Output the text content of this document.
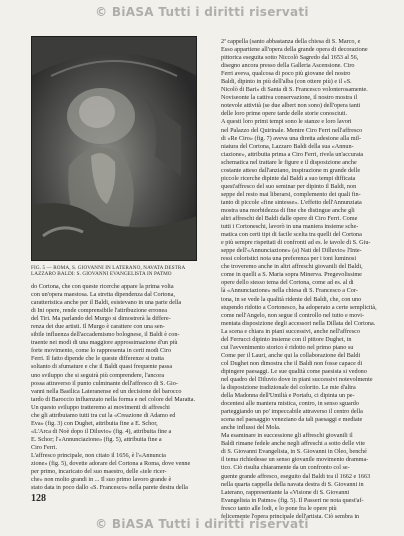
© BiASA Tutti i diritti riservati
FIG. 5 — ROMA, S. GIOVANNI IN LATERANO, NAVATA DESTRA
LAZZARO BALDI: S. GIOVANNI EVANGELISTA IN PATMO
2ª cappella (santo abbastanza della chiesa di S. Marco, e
Esso appartiene all'opera della grande opera di decorazione
pittorica eseguita sotto Niccolò Sagredo dal 1653 al 56,
disegno ancora presso della Galleria Ascensione. Ciro
Ferri aveva, qualcosa di poco più giovane del nostro
Baldi, dipinto in più dell'alba (con ottere più) e il «S.
Nicolò di Bari» di Santa di S. Francesco volonterosamente.
Noviseonte la cattiva conservazione, il nostro mostra il
notevole attività (se due albert non sono) dell'opera tanti
delle loro prime opere tarde delle storie conosciuti.
A questi loro primi tempi sono le stanze e loro lavori
nel Palazzo del Quirinale. Mentre Ciro Ferri nell'affresco
di «Re Ciro» (fig. 7) aveva una diretta adesione alla mil-
niatura del Cortona, Lazzaro Baldi della sua «Annun-
ciazione», attribuita prima a Ciro Ferri, rivela un'accurata
schematica nel trattare le figure e il disposizione anche
costante atteso dall'anziano, inspirazione m grande delle
piccole ricerche dipinte dal Baldi a suo tempi difficata
quest'affresco del suo seminar per dipinto il Baldi, non
seppe del resto mai liberarsi, complemento dei quali fin-
tanto di piccole «fine sintesse». L'effetto dell'Annunziata
mostra una morbidezza di fine che distingue anche gli
altri affreschi del Baldi dalle opere di Ciro Ferri. Come
tutti i Cortoneschi, lavorò in una maniera insieme sche-
matica con certi tipi di facile scelta tra quelli del Cortona
e più sempre rispettati di confronti ad es. le tavole di S. Giu-
seppe dell'«Annunciazione» (a) Nati del Dilluvio» l'Inte-
ressi coloristici nota una preferenza per i toni luminosi
che troveremo anche in altri affreschi giovanili del Baldi,
come in quelli a S. Maria sopra Minerva. Pregevolissime
opere dello stesso tema del Cortona, come ad es. al di
là «Annunciazione» nella chiesa di S. Francesco a Cor-
tona, in se vede la qualità ridente del Baldi, che, con uno
stupendo ridotto a Cortonesco, ha adoperato a certe semplicità,
come nell'Angelo, non segue il controllo nel tutto e movi-
mentata disposizione degli accessori nella Dillata del Cortona.
La scena e chiara in piani successivi, anche nell'affresco
del Ferrucci dipinto insieme con il pittore Dughet, in
cui l'avvenimento storico è ridotto nel primo piano su
Come per il Lauri, anche qui la collaborazione del Baldi
col Dughet non dimostra che il Baldi non fosse capace di
dipingere paesaggi. Le sue qualità come paesista si vedono
nel quadro del Diluvio dove in piani successivi notevolmente
la disposizione tradizionale del colorito. Le mie d'altra
della Madonna dell'Umiltà e Portafu, ci dipinta un pe-
docentesi alle maniera mistica, contro, in senso sguardo
parteggiando un po' impeccabile attraverso il centro della
scena nel paesaggio veneziano da tali paesaggi e mediate
anche influssi del Mola.
Ma esaminare in successione gli affreschi giovanili il
Baldi rimane fedele anche negli affreschi a sotto delle vite
di S. Giovanni Evangelista, in S. Giovanni in Oleo, benché
il tema richiedesse un senso giovanile movimento dramma-
tico. Ciò risulta chiaramente da un confronto col se-
guente grande affresco, eseguito dal Baldi tra il 1662 e 1663
nella quarta cappella della navata destra di S. Giovanni in
Laterano, rappresentante la «Visione di S. Giovanni
Evangelista in Patmo» (fig. 5). Il Passeri ne nota quest'af-
fresco tanto alle lodi, e lo pone fra le opere più
felicemente l'opera principale dell'artista. Ciò sembra in
do Cortona, che con queste ricerche appare la prima volta
con un'opera maestosa. La stretta dipendenza dal Cortona,
caratteristica anche per il Baldi, esistevano in una parte della
di Ini opere, rende comprensibile l'attribuzione erronea
del Tiri. Ma parlando del Murgo si dimostrerà la differe-
renza dei due artisti. Il Murgo è carattere con una sen-
sibile influenza dell'accademismo bolognese, il Baldi è con-
traente nei modi di una maggiore approssimazione d'un più
forte movimento, come lo rappresenta in certi modi Ciro
Ferri. Il fatto dipende che le queste differenze si tratta
soltanto di sfumature e che il Baldi quasi frequente passa
uno sviluppo che si seguirà più comprendere, l'ancora
possa attraverso il punto culminante dell'affresco di S. Gio-
vanni nella Basilica Lateranense ed un decisione del barocco
tardo di Baroccio influenzato nella forma e nel colore del Maratta.
Un questo sviluppo tratteremo ai movimenti di affreschi
che gli attribuiamo tutti tra cui la «Creazione di Adamo ed
Eva» (fig. 3) con Dughet, attribuita fine a E. Schor,
«L'Arca di Noè dopo il Diluvio» (fig. 4), attribuita fine a
E. Schor; l'«Annunciazione» (fig. 5), attribuita fine a
Ciro Ferri.
L'affresco principale, non citato il 1656, è l'«Annuncia
zione» (fig. 5), dovette adorare del Cortona a Roma, dove venne
per primo, incaricato del suo maestro, delle «tele ricer-
che» non molto grandi in ... Il suo primo lavoro grande è
stato data in poco dallo «S. Francesco» nella parete destra della
128
© BiASA Tutti i diritti riservati
